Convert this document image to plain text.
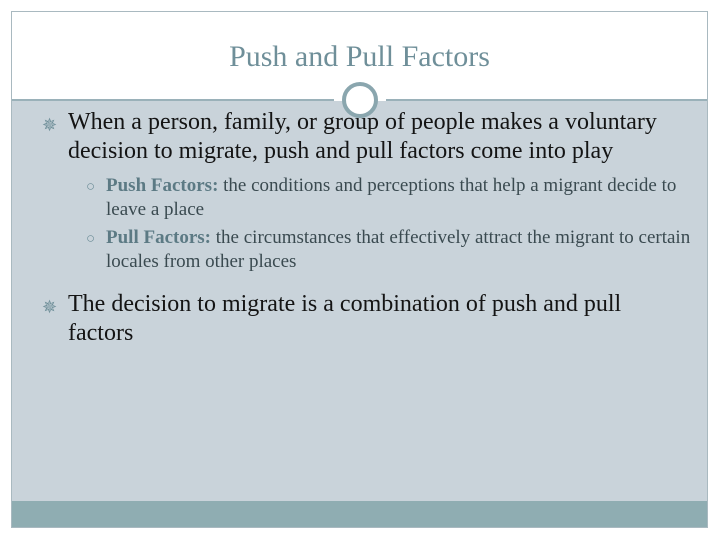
Push and Pull Factors
✵ When a person, family, or group of people makes a voluntary decision to migrate, push and pull factors come into play
○ Push Factors: the conditions and perceptions that help a migrant decide to leave a place
○ Pull Factors: the circumstances that effectively attract the migrant to certain locales from other places
✵ The decision to migrate is a combination of push and pull factors
